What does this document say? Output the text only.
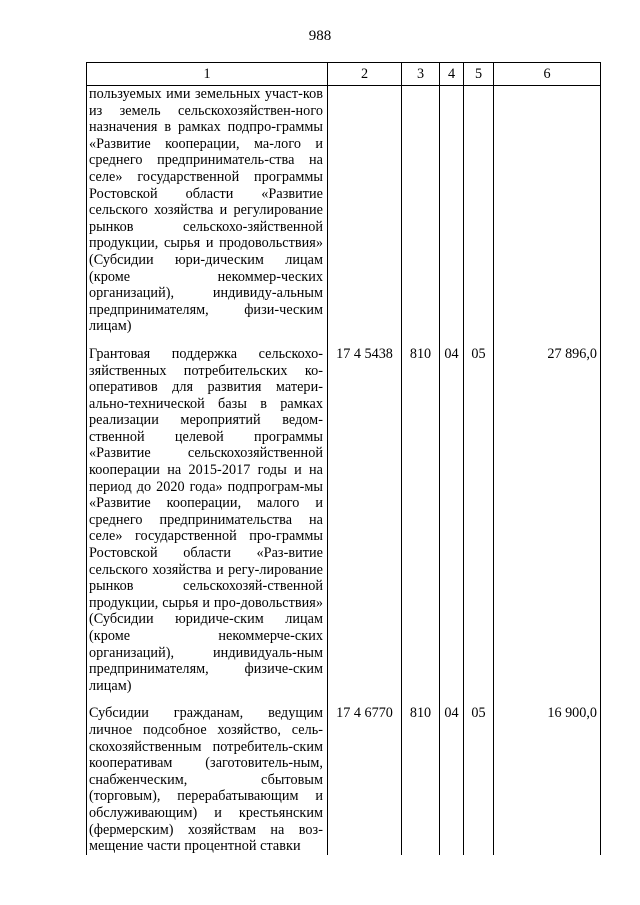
988
1	2	3	4	5	6
пользуемых ими земельных участ-ков из земель сельскохозяйствен-ного назначения в рамках подпро-граммы «Развитие кооперации, ма-лого и среднего предприниматель-ства на селе» государственной программы Ростовской области «Развитие сельского хозяйства и регулирование рынков сельскохо-зяйственной продукции, сырья и продовольствия» (Субсидии юри-дическим лицам (кроме некоммер-ческих организаций), индивиду-альным предпринимателям, физи-ческим лицам)					

Грантовая поддержка сельскохо-зяйственных потребительских ко-оперативов для развития матери-ально-технической базы в рамках реализации мероприятий ведом-ственной целевой программы «Развитие сельскохозяйственной кооперации на 2015-2017 годы и на период до 2020 года» подпрограм-мы «Развитие кооперации, малого и среднего предпринимательства на селе» государственной про-граммы Ростовской области «Раз-витие сельского хозяйства и регу-лирование рынков сельскохозяй-ственной продукции, сырья и про-довольствия» (Субсидии юридиче-ским лицам (кроме некоммерче-ских организаций), индивидуаль-ным предпринимателям, физиче-ским лицам)	17 4 5438	810	04	05	27 896,0

Субсидии гражданам, ведущим личное подсобное хозяйство, сель-скохозяйственным потребитель-ским кооперативам (заготовитель-ным, снабженческим, сбытовым (торговым), перерабатывающим и обслуживающим) и крестьянским (фермерским) хозяйствам на воз-мещение части процентной ставки	17 4 6770	810	04	05	16 900,0
